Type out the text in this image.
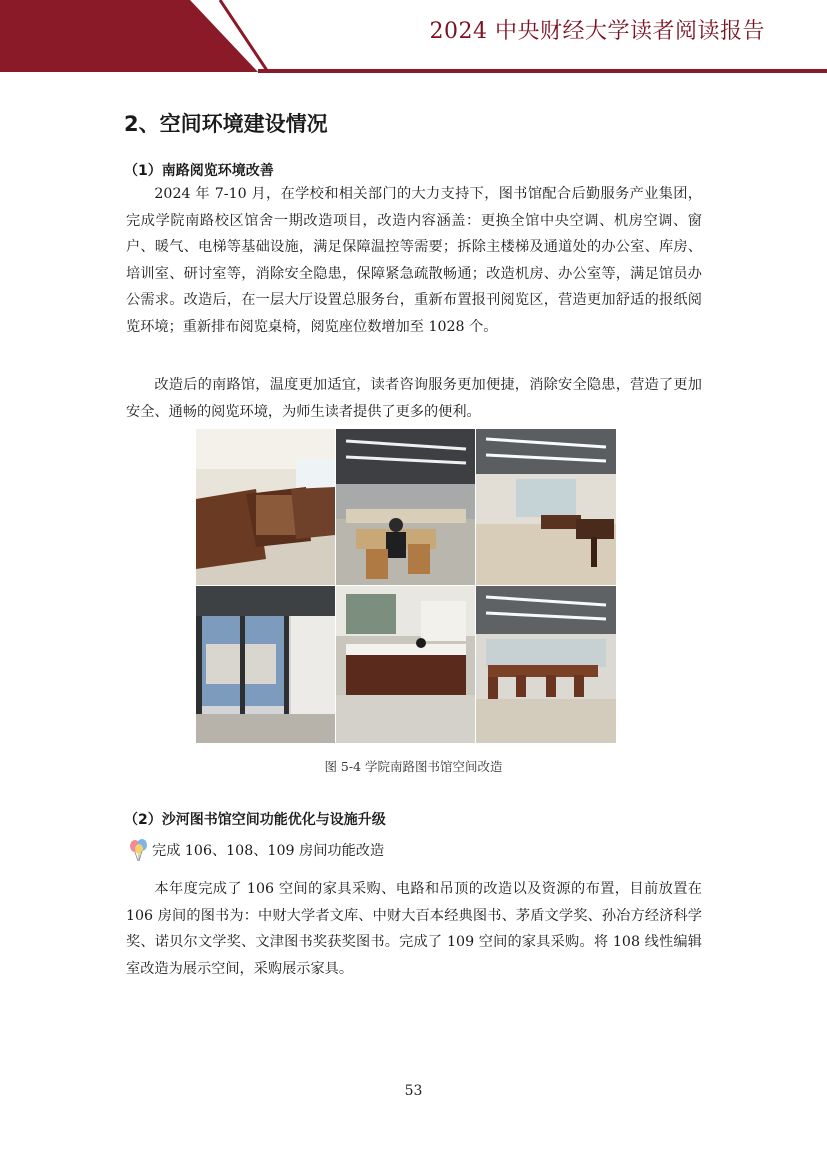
2024 中央财经大学读者阅读报告
2、空间环境建设情况
（1）南路阅览环境改善

2024 年 7-10 月，在学校和相关部门的大力支持下，图书馆配合后勤服务产业集团，完成学院南路校区馆舍一期改造项目，改造内容涵盖：更换全馆中央空调、机房空调、窗户、暖气、电梯等基础设施，满足保障温控等需要；拆除主楼梯及通道处的办公室、库房、培训室、研讨室等，消除安全隐患，保障紧急疏散畅通；改造机房、办公室等，满足馆员办公需求。改造后，在一层大厅设置总服务台，重新布置报刊阅览区，营造更加舒适的报纸阅览环境；重新排布阅览桌椅，阅览座位数增加至 1028 个。

改造后的南路馆，温度更加适宜，读者咨询服务更加便捷，消除安全隐患，营造了更加安全、通畅的阅览环境，为师生读者提供了更多的便利。

图 5-4 学院南路图书馆空间改造
（2）沙河图书馆空间功能优化与设施升级
完成 106、108、109 房间功能改造

本年度完成了 106 空间的家具采购、电路和吊顶的改造以及资源的布置，目前放置在 106 房间的图书为：中财大学者文库、中财大百本经典图书、茅盾文学奖、孙冶方经济科学奖、诺贝尔文学奖、文津图书奖获奖图书。完成了 109 空间的家具采购。将 108 线性编辑室改造为展示空间，采购展示家具。

53
